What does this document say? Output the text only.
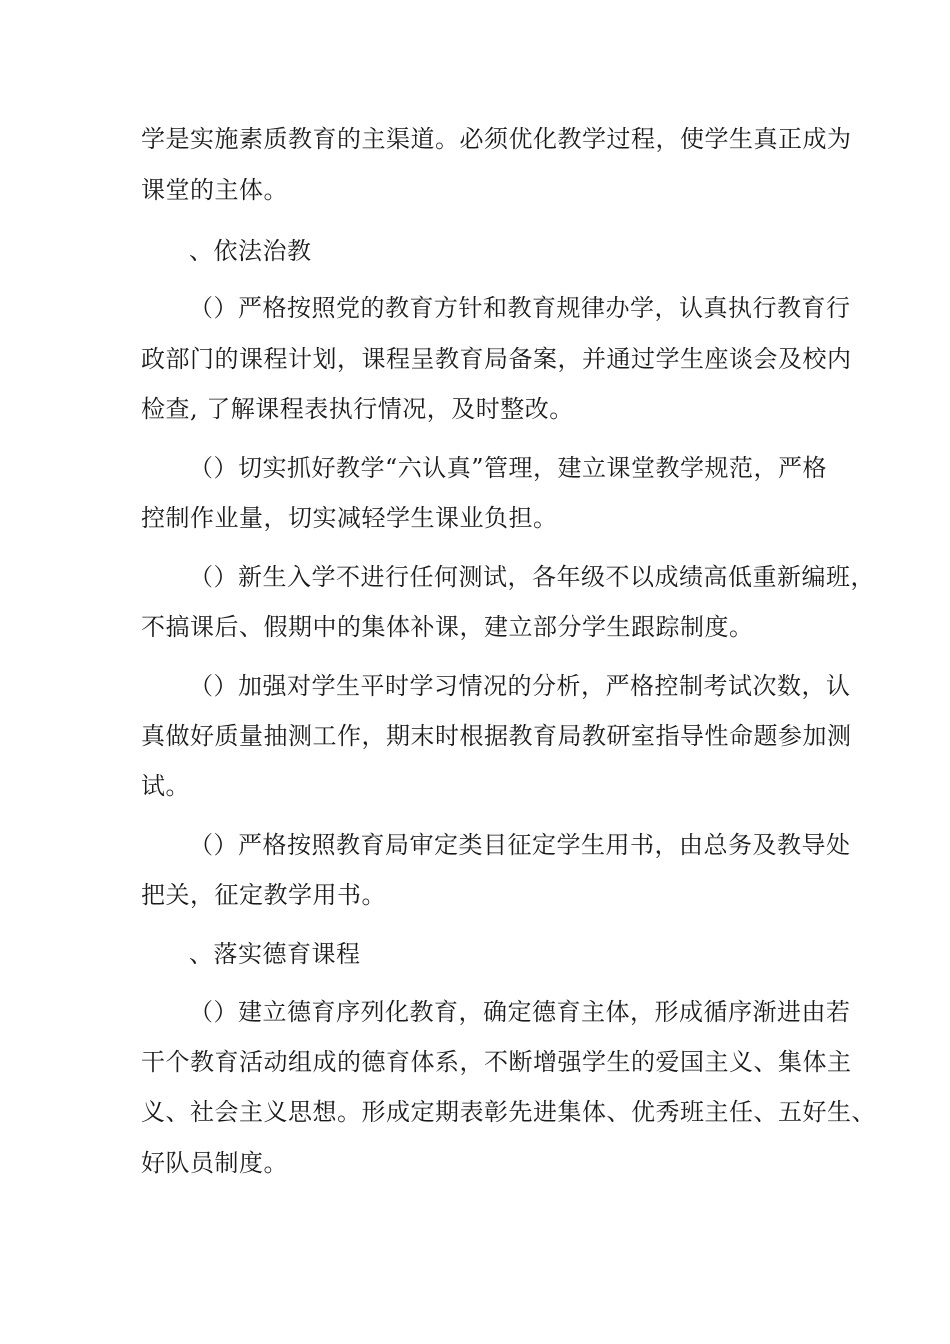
学是实施素质教育的主渠道。必须优化教学过程，使学生真正成为
课堂的主体。
、依法治教
（）严格按照党的教育方针和教育规律办学，认真执行教育行
政部门的课程计划，课程呈教育局备案，并通过学生座谈会及校内
检查, 了解课程表执行情况，及时整改。
（）切实抓好教学“六认真”管理，建立课堂教学规范，严格
控制作业量，切实减轻学生课业负担。
（）新生入学不进行任何测试，各年级不以成绩高低重新编班，
不搞课后、假期中的集体补课，建立部分学生跟踪制度。
（）加强对学生平时学习情况的分析，严格控制考试次数，认
真做好质量抽测工作，期末时根据教育局教研室指导性命题参加测
试。
（）严格按照教育局审定类目征定学生用书，由总务及教导处
把关，征定教学用书。
、落实德育课程
（）建立德育序列化教育，确定德育主体，形成循序渐进由若
干个教育活动组成的德育体系，不断增强学生的爱国主义、集体主
义、社会主义思想。形成定期表彰先进集体、优秀班主任、五好生、
好队员制度。
